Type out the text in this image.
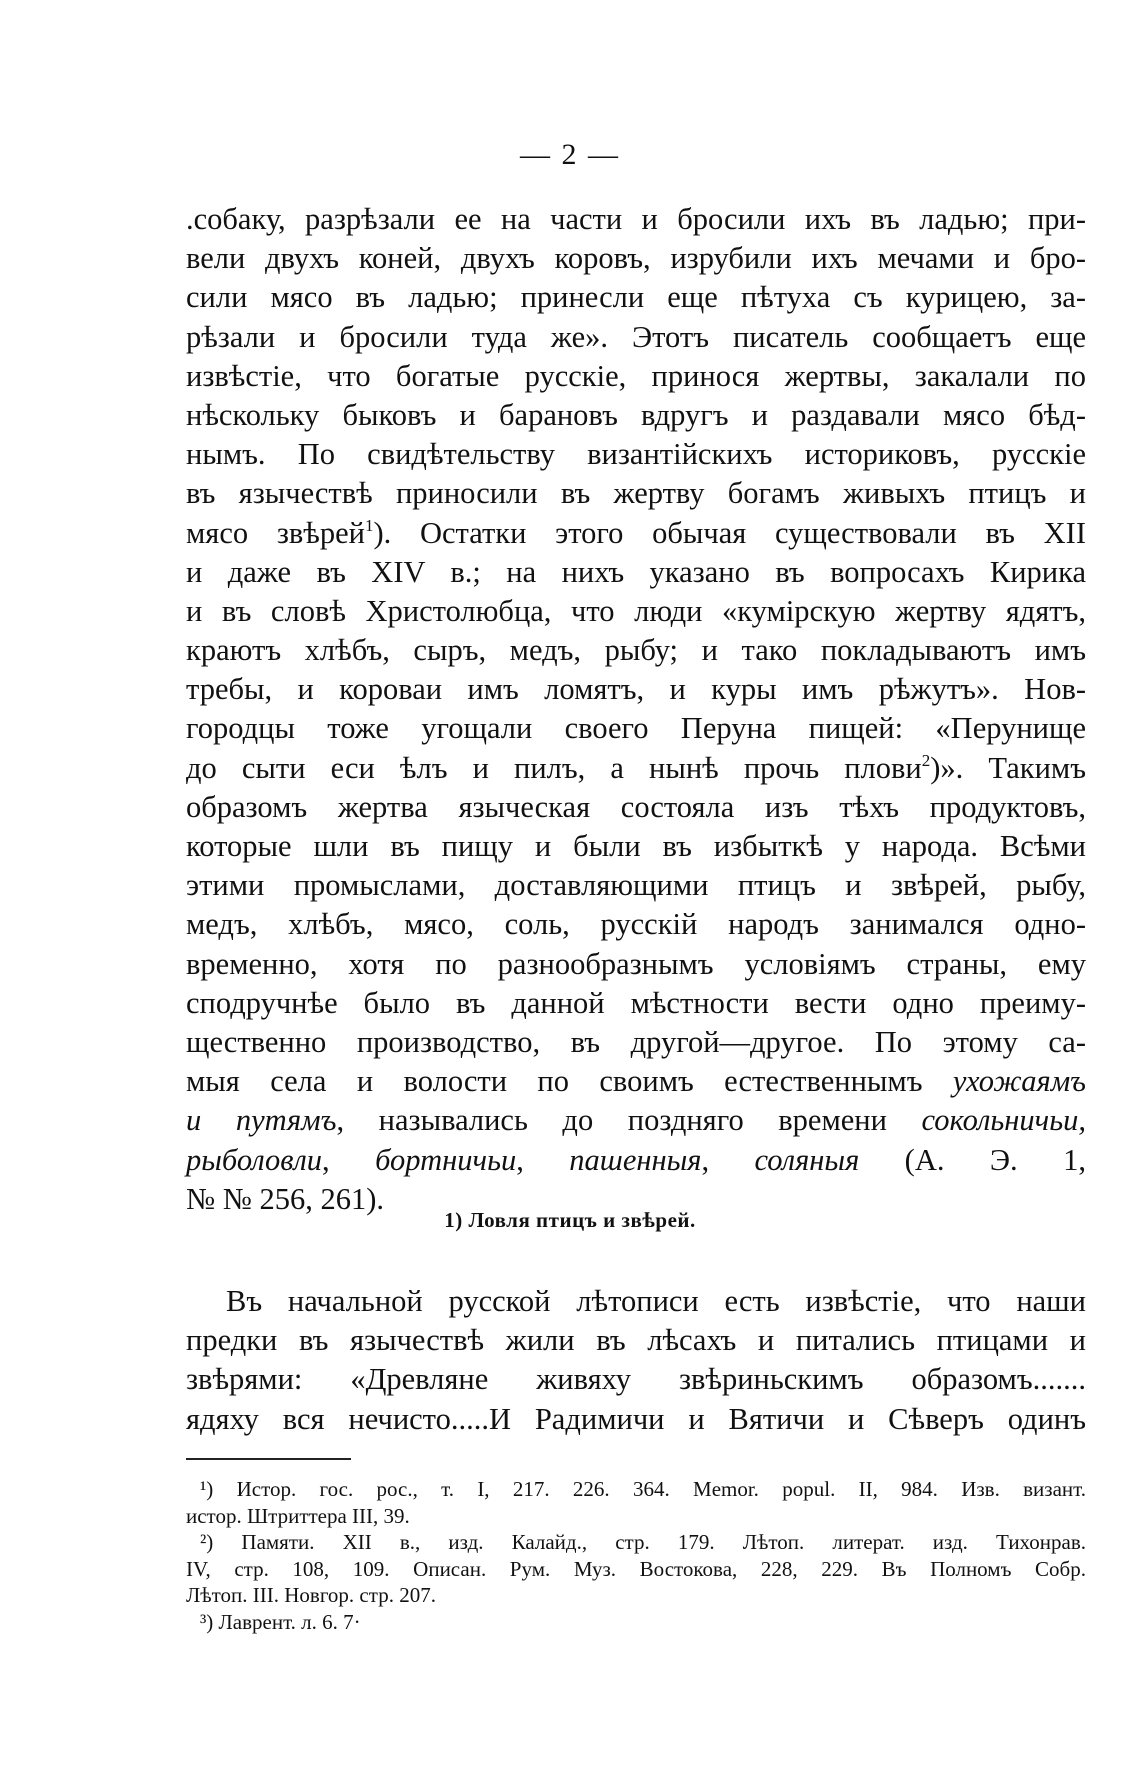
— 2 —
.собаку, разрѣзали ее на части и бросили ихъ въ ладью; при-
вели двухъ коней, двухъ коровъ, изрубили ихъ мечами и бро-
сили мясо въ ладью; принесли еще пѣтуха съ курицею, за-
рѣзали и бросили туда же». Этотъ писатель сообщаетъ еще
извѣстіе, что богатые русскіе, принося жертвы, закалали по
нѣскольку быковъ и барановъ вдругъ и раздавали мясо бѣд-
нымъ. По свидѣтельству византійскихъ историковъ, русскіе
въ язычествѣ приносили въ жертву богамъ живыхъ птицъ и
мясо звѣрей$^1$). Остатки этого обычая существовали въ XII
и даже въ XIV в.; на нихъ указано въ вопросахъ Кирика
и въ словѣ Христолюбца, что люди «кумірскую жертву ядятъ,
краютъ хлѣбъ, сыръ, медъ, рыбу; и тако покладываютъ имъ
требы, и короваи имъ ломятъ, и куры имъ рѣжутъ». Нов-
городцы тоже угощали своего Перуна пищей: «Перунище
до сыти еси ѣлъ и пилъ, а нынѣ прочь плови$^2$)». Такимъ
образомъ жертва языческая состояла изъ тѣхъ продуктовъ,
которые шли въ пищу и были въ избыткѣ у народа. Всѣми
этими промыслами, доставляющими птицъ и звѣрей, рыбу,
медъ, хлѣбъ, мясо, соль, русскій народъ занимался одно-
временно, хотя по разнообразнымъ условіямъ страны, ему
сподручнѣе было въ данной мѣстности вести одно преиму-
щественно производство, въ другой—другое. По этому са-
мыя села и волости по своимъ естественнымъ ухожаямъ
и путямъ, назывались до поздняго времени сокольничьи,
рыболовли, бортничьи, пашенныя, соляныя (А. Э. 1,
№ № 256, 261).
1) Ловля птицъ и звѣрей.
Въ начальной русской лѣтописи есть извѣстіе, что наши
предки въ язычествѣ жили въ лѣсахъ и питались птицами и
звѣрями: «Древляне живяху звѣриньскимъ образомъ.......
ядяху вся нечисто.....И Радимичи и Вятичи и Сѣверъ одинъ
¹) Истор. гос. рос., т. I, 217. 226. 364. Memor. popul. II, 984. Изв. визант.
истор. Штриттера III, 39.
²) Памяти. XII в., изд. Калайд., стр. 179. Лѣтоп. литерат. изд. Тихонрав.
IV, стр. 108, 109. Описан. Рум. Муз. Востокова, 228, 229. Въ Полномъ Собр.
Лѣтоп. III. Новгор. стр. 207.
³) Лаврент. л. 6. 7·
